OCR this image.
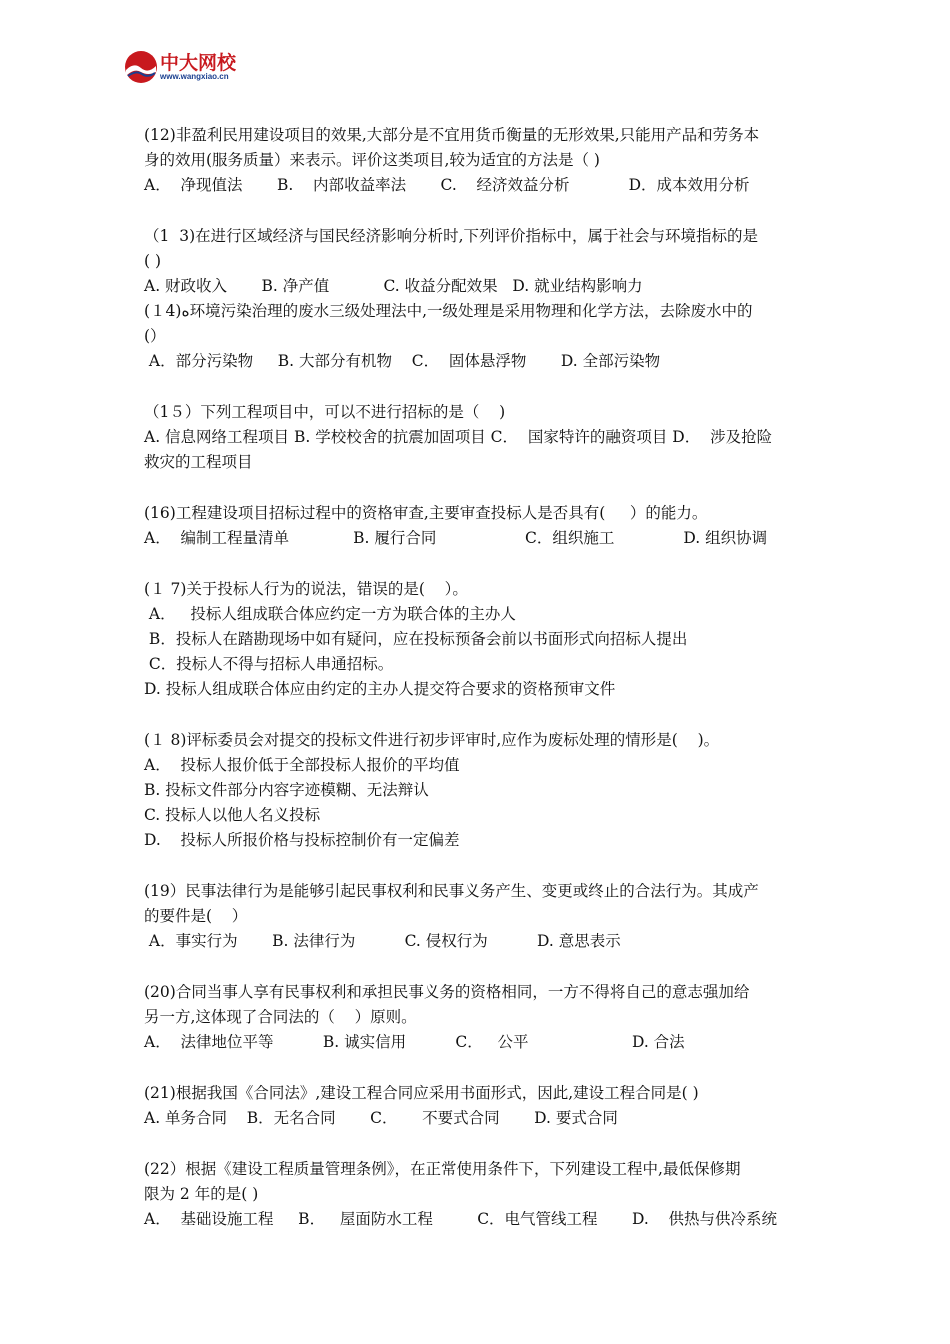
中大网校
www.wangxiao.cn
(12)非盈利民用建设项目的效果,大部分是不宜用货币衡量的无形效果,只能用产品和劳务本
身的效用(服务质量）来表示。评价这类项目,较为适宜的方法是（ )
A．  净现值法       B.    内部收益率法       C.    经济效益分析            D．成本效用分析
（1  3)在进行区域经济与国民经济影响分析时,下列评价指标中，属于社会与环境指标的是
( )
A. 财政收入       B. 净产值           C. 收益分配效果   D. 就业结构影响力
(１4)ﻩ环境污染治理的废水三级处理法中,一级处理是采用物理和化学方法，去除废水中的
(）
A．部分污染物     B. 大部分有机物    C．  固体悬浮物       D. 全部污染物
（1５）下列工程项目中，可以不进行招标的是（    )
A. 信息网络工程项目 B. 学校校舍的抗震加固项目 C．  国家特许的融资项目 D．  涉及抢险
救灾的工程项目
(16)工程建设项目招标过程中的资格审查,主要审查投标人是否具有(     ）的能力。
A．  编制工程量清单             B. 履行合同                  C．组织施工              D. 组织协调
(１ 7)关于投标人行为的说法，错误的是(    ）。
A．   投标人组成联合体应约定一方为联合体的主办人
B．投标人在踏勘现场中如有疑问，应在投标预备会前以书面形式向招标人提出
C．投标人不得与招标人串通招标。
D. 投标人组成联合体应由约定的主办人提交符合要求的资格预审文件
(１ 8)评标委员会对提交的投标文件进行初步评审时,应作为废标处理的情形是(    )。
A．  投标人报价低于全部投标人报价的平均值
B. 投标文件部分内容字迹模糊、无法辩认
C. 投标人以他人名义投标
D.    投标人所报价格与投标控制价有一定偏差
(19）民事法律行为是能够引起民事权利和民事义务产生、变更或终止的合法行为。其成产
的要件是(    ）
A．事实行为       B. 法律行为          C. 侵权行为          D. 意思表示
(20)合同当事人享有民事权利和承担民事义务的资格相同，一方不得将自己的意志强加给
另一方,这体现了合同法的（    ）原则。
A．  法律地位平等          B. 诚实信用          C．   公平                     D. 合法
(21)根据我国《合同法》,建设工程合同应采用书面形式，因此,建设工程合同是( )
A. 单务合同    B．无名合同       C．     不要式合同       D. 要式合同
(22）根据《建设工程质量管理条例》，在正常使用条件下，下列建设工程中,最低保修期
限为 2 年的是( )
A．  基础设施工程     B．   屋面防水工程         C．电气管线工程       D.    供热与供冷系统
